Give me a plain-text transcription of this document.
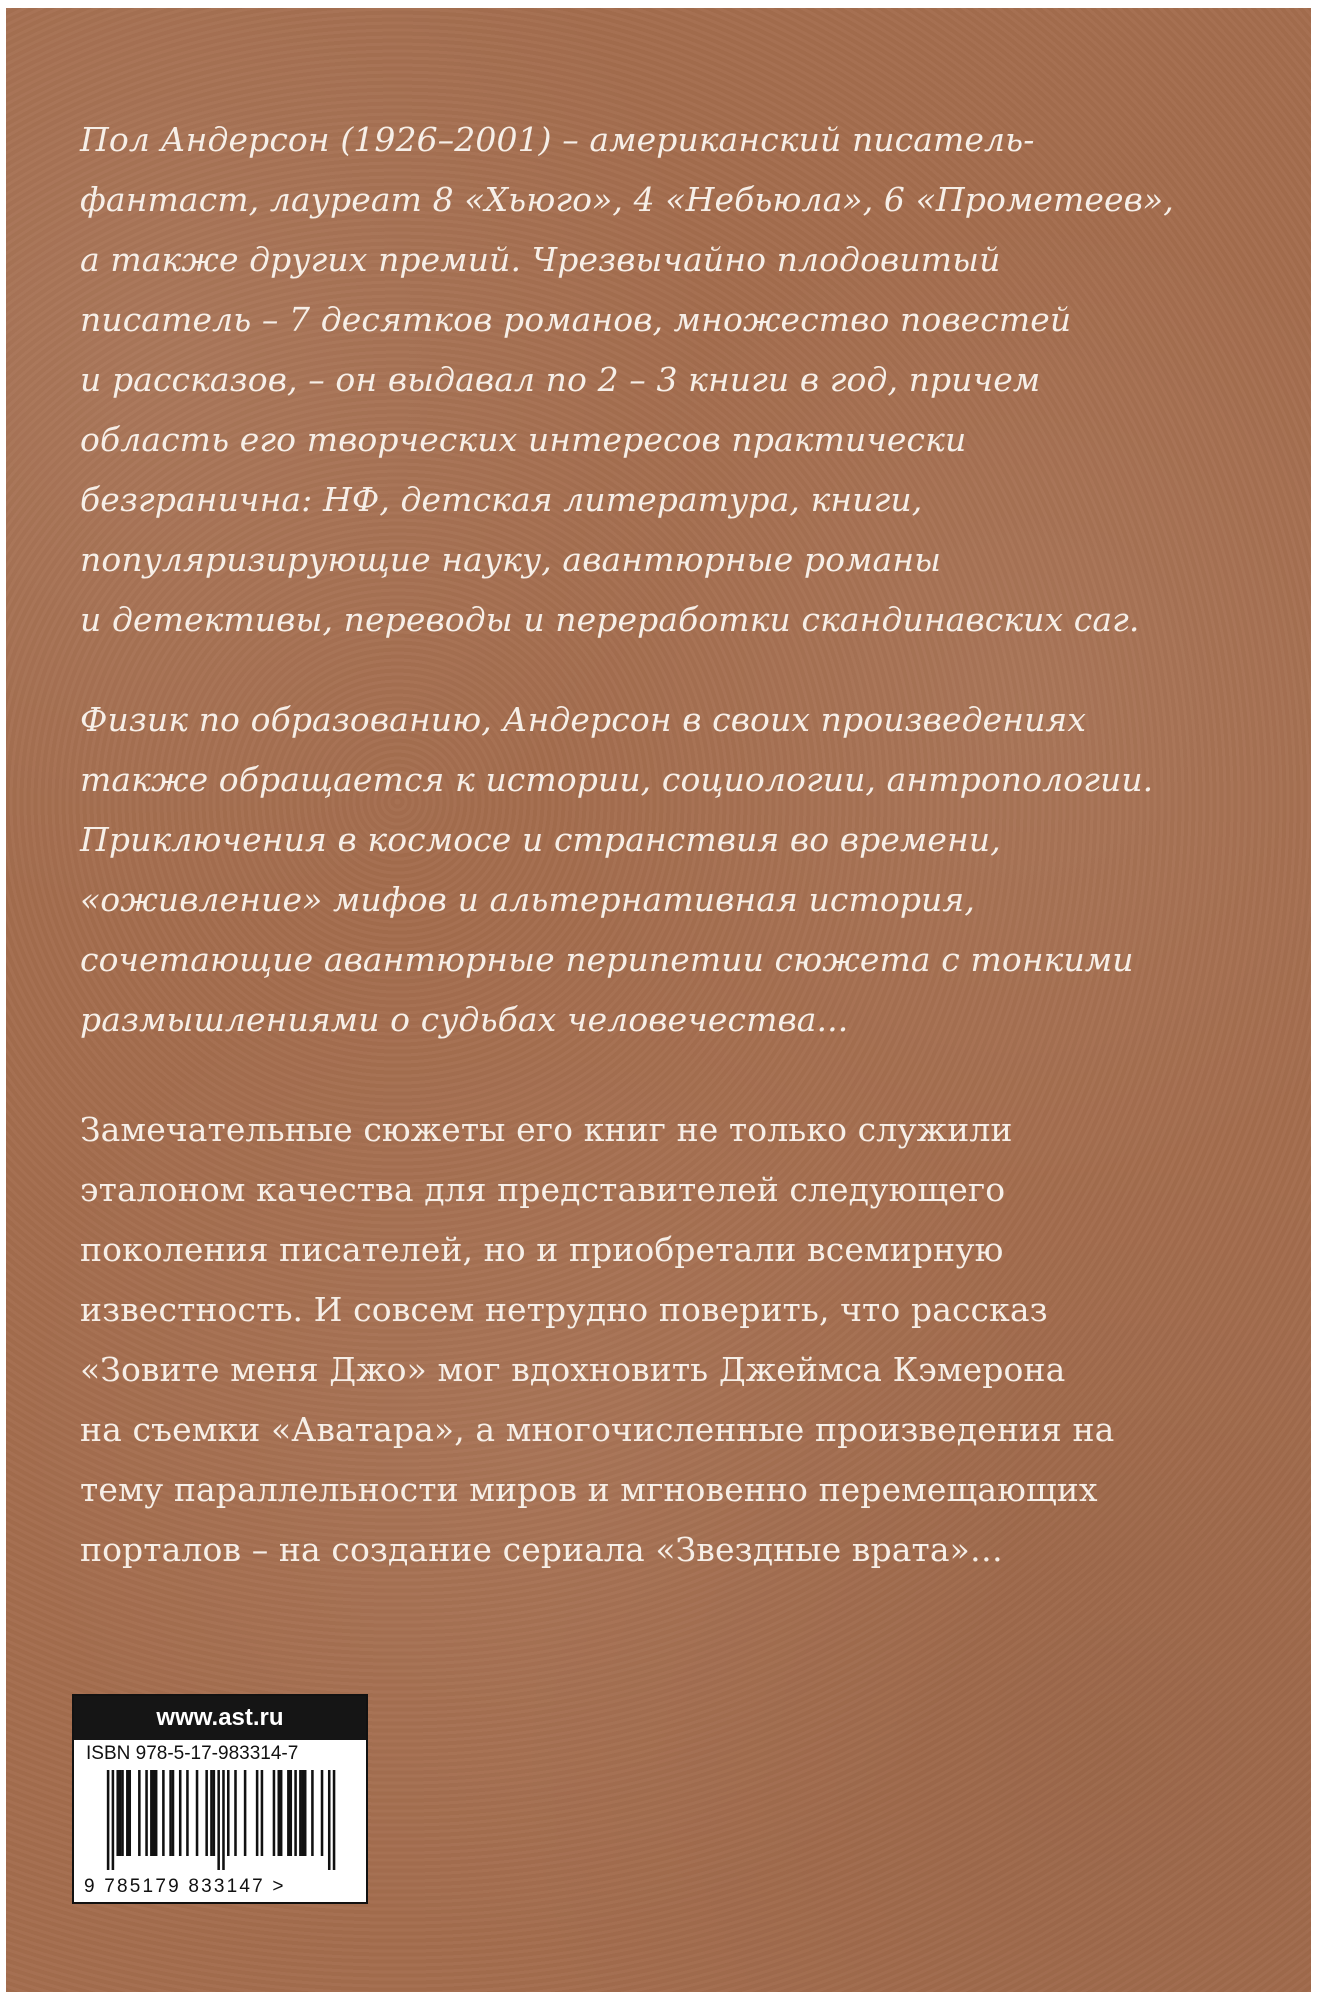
Пол Андерсон (1926–2001) – американский писатель-
фантаст, лауреат 8 «Хьюго», 4 «Небьюла», 6 «Прометеев»,
а также других премий. Чрезвычайно плодовитый
писатель – 7 десятков романов, множество повестей
и рассказов, – он выдавал по 2 – 3 книги в год, причем
область его творческих интересов практически
безгранична: НФ, детская литература, книги,
популяризирующие науку, авантюрные романы
и детективы, переводы и переработки скандинавских саг.

Физик по образованию, Андерсон в своих произведениях
также обращается к истории, социологии, антропологии.
Приключения в космосе и странствия во времени,
«оживление» мифов и альтернативная история,
сочетающие авантюрные перипетии сюжета с тонкими
размышлениями о судьбах человечества...

Замечательные сюжеты его книг не только служили
эталоном качества для представителей следующего
поколения писателей, но и приобретали всемирную
известность. И совсем нетрудно поверить, что рассказ
«Зовите меня Джо» мог вдохновить Джеймса Кэмерона
на съемки «Аватара», а многочисленные произведения на
тему параллельности миров и мгновенно перемещающих
порталов – на создание сериала «Звездные врата»…

www.ast.ru
ISBN 978-5-17-983314-7
9 785179 833147 >
